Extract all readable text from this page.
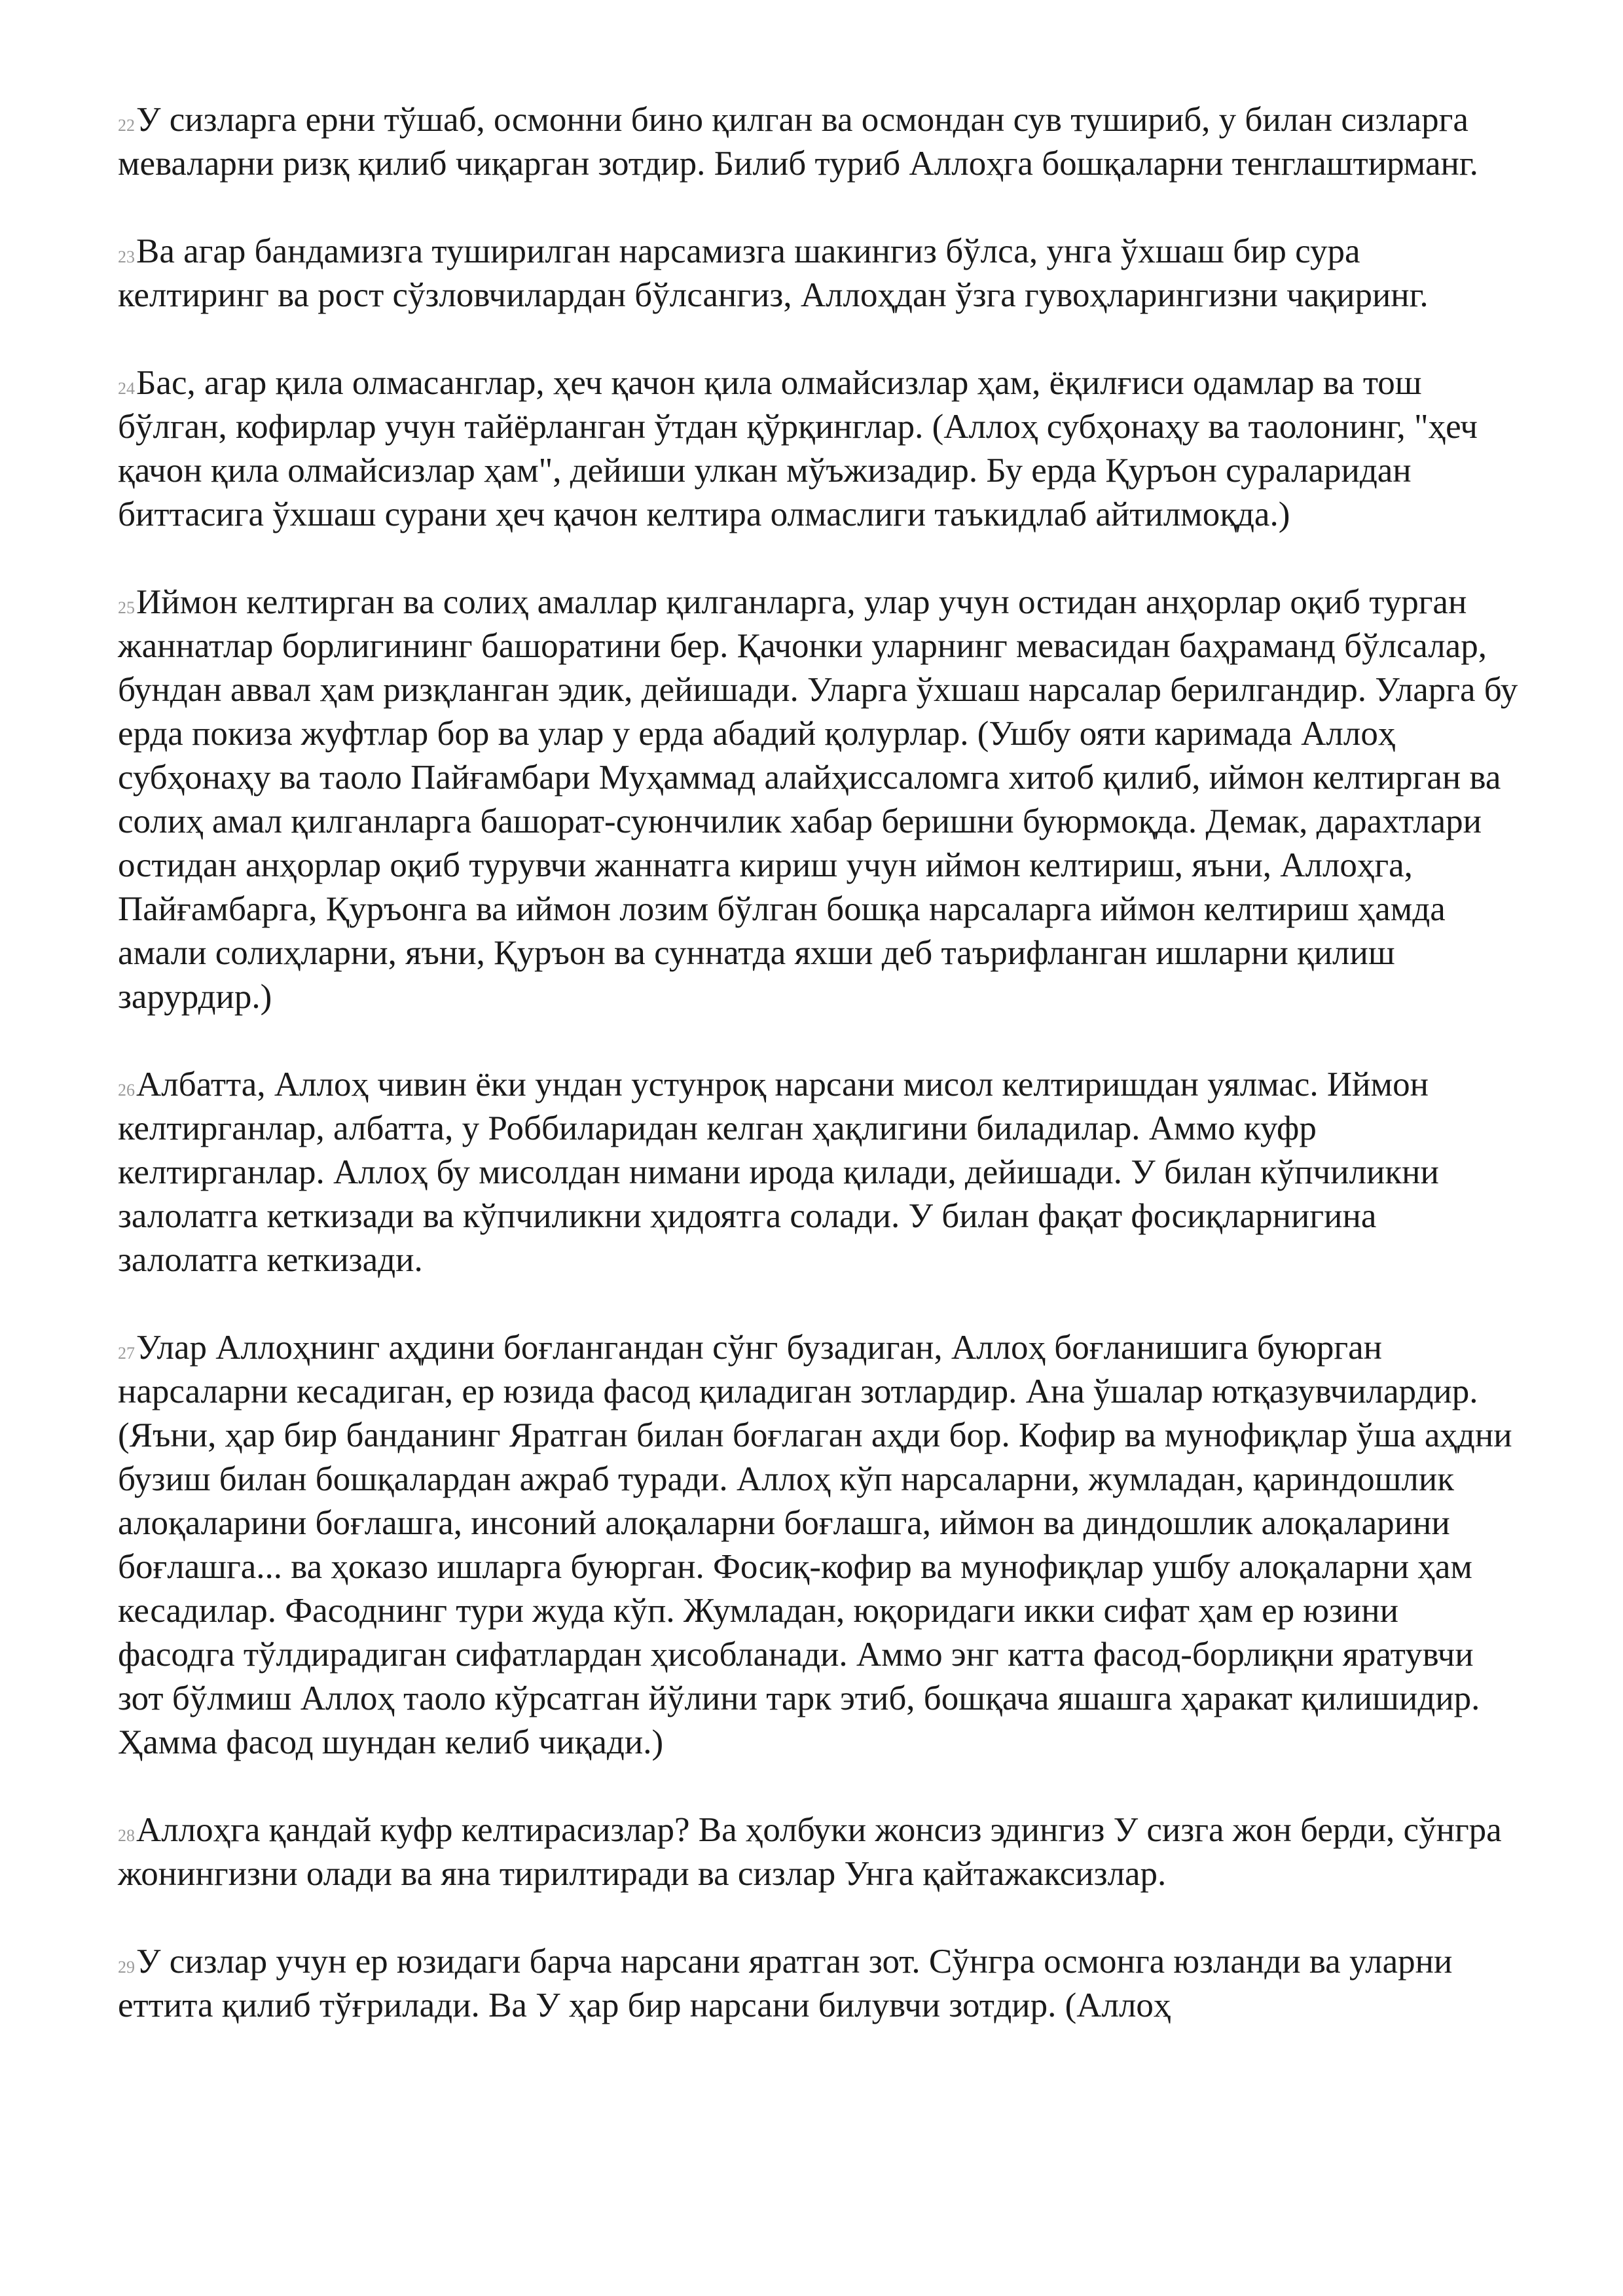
22У сизларга ерни тўшаб, осмонни бино қилган ва осмондан сув тушириб, у билан сизларга меваларни ризқ қилиб чиқарган зотдир. Билиб туриб Аллоҳга бошқаларни тенглаштирманг.

23Ва агар бандамизга туширилган нарсамизга шакингиз бўлса, унга ўхшаш бир сура келтиринг ва рост сўзловчилардан бўлсангиз, Аллоҳдан ўзга гувоҳларингизни чақиринг.

24Бас, агар қила олмасанглар, ҳеч қачон қила олмайсизлар ҳам, ёқилғиси одамлар ва тош бўлган, кофирлар учун тайёрланган ўтдан қўрқинглар. (Аллоҳ субҳонаҳу ва таолонинг, "ҳеч қачон қила олмайсизлар ҳам", дейиши улкан мўъжизадир. Бу ерда Қуръон сураларидан биттасига ўхшаш сурани ҳеч қачон келтира олмаслиги таъкидлаб айтилмоқда.)

25Иймон келтирган ва солиҳ амаллар қилганларга, улар учун остидан анҳорлар оқиб турган жаннатлар борлигининг башоратини бер. Қачонки уларнинг мевасидан баҳраманд бўлсалар, бундан аввал ҳам ризқланган эдик, дейишади. Уларга ўхшаш нарсалар берилгандир. Уларга бу ерда покиза жуфтлар бор ва улар у ерда абадий қолурлар. (Ушбу ояти каримада Аллоҳ субҳонаҳу ва таоло Пайғамбари Муҳаммад алайҳиссаломга хитоб қилиб, иймон келтирган ва солиҳ амал қилганларга башорат-суюнчилик хабар беришни буюрмоқда. Демак, дарахтлари остидан анҳорлар оқиб турувчи жаннатга кириш учун иймон келтириш, яъни, Аллоҳга, Пайғамбарга, Қуръонга ва иймон лозим бўлган бошқа нарсаларга иймон келтириш ҳамда амали солиҳларни, яъни, Қуръон ва суннатда яхши деб таърифланган ишларни қилиш зарурдир.)

26Албатта, Аллоҳ чивин ёки ундан устунроқ нарсани мисол келтиришдан уялмас. Иймон келтирганлар, албатта, у Роббиларидан келган ҳақлигини биладилар. Аммо куфр келтирганлар. Аллоҳ бу мисолдан нимани ирода қилади, дейишади. У билан кўпчиликни залолатга кеткизади ва кўпчиликни ҳидоятга солади. У билан фақат фосиқларнигина залолатга кеткизади.

27Улар Аллоҳнинг аҳдини боғлангандан сўнг бузадиган, Аллоҳ боғланишига буюрган нарсаларни кесадиган, ер юзида фасод қиладиган зотлардир. Ана ўшалар ютқазувчилардир. (Яъни, ҳар бир банданинг Яратган билан боғлаган аҳди бор. Кофир ва мунофиқлар ўша аҳдни бузиш билан бошқалардан ажраб туради. Аллоҳ кўп нарсаларни, жумладан, қариндошлик алоқаларини боғлашга, инсоний алоқаларни боғлашга, иймон ва диндошлик алоқаларини боғлашга... ва ҳоказо ишларга буюрган. Фосиқ-кофир ва мунофиқлар ушбу алоқаларни ҳам кесадилар. Фасоднинг тури жуда кўп. Жумладан, юқоридаги икки сифат ҳам ер юзини фасодга тўлдирадиган сифатлардан ҳисобланади. Аммо энг катта фасод-борлиқни яратувчи зот бўлмиш Аллоҳ таоло кўрсатган йўлини тарк этиб, бошқача яшашга ҳаракат қилишидир. Ҳамма фасод шундан келиб чиқади.)

28Аллоҳга қандай куфр келтирасизлар? Ва ҳолбуки жонсиз эдингиз У сизга жон берди, сўнгра жонингизни олади ва яна тирилтиради ва сизлар Унга қайтажаксизлар.

29У сизлар учун ер юзидаги барча нарсани яратган зот. Сўнгра осмонга юзланди ва уларни еттита қилиб тўғрилади. Ва У ҳар бир нарсани билувчи зотдир. (Аллоҳ
